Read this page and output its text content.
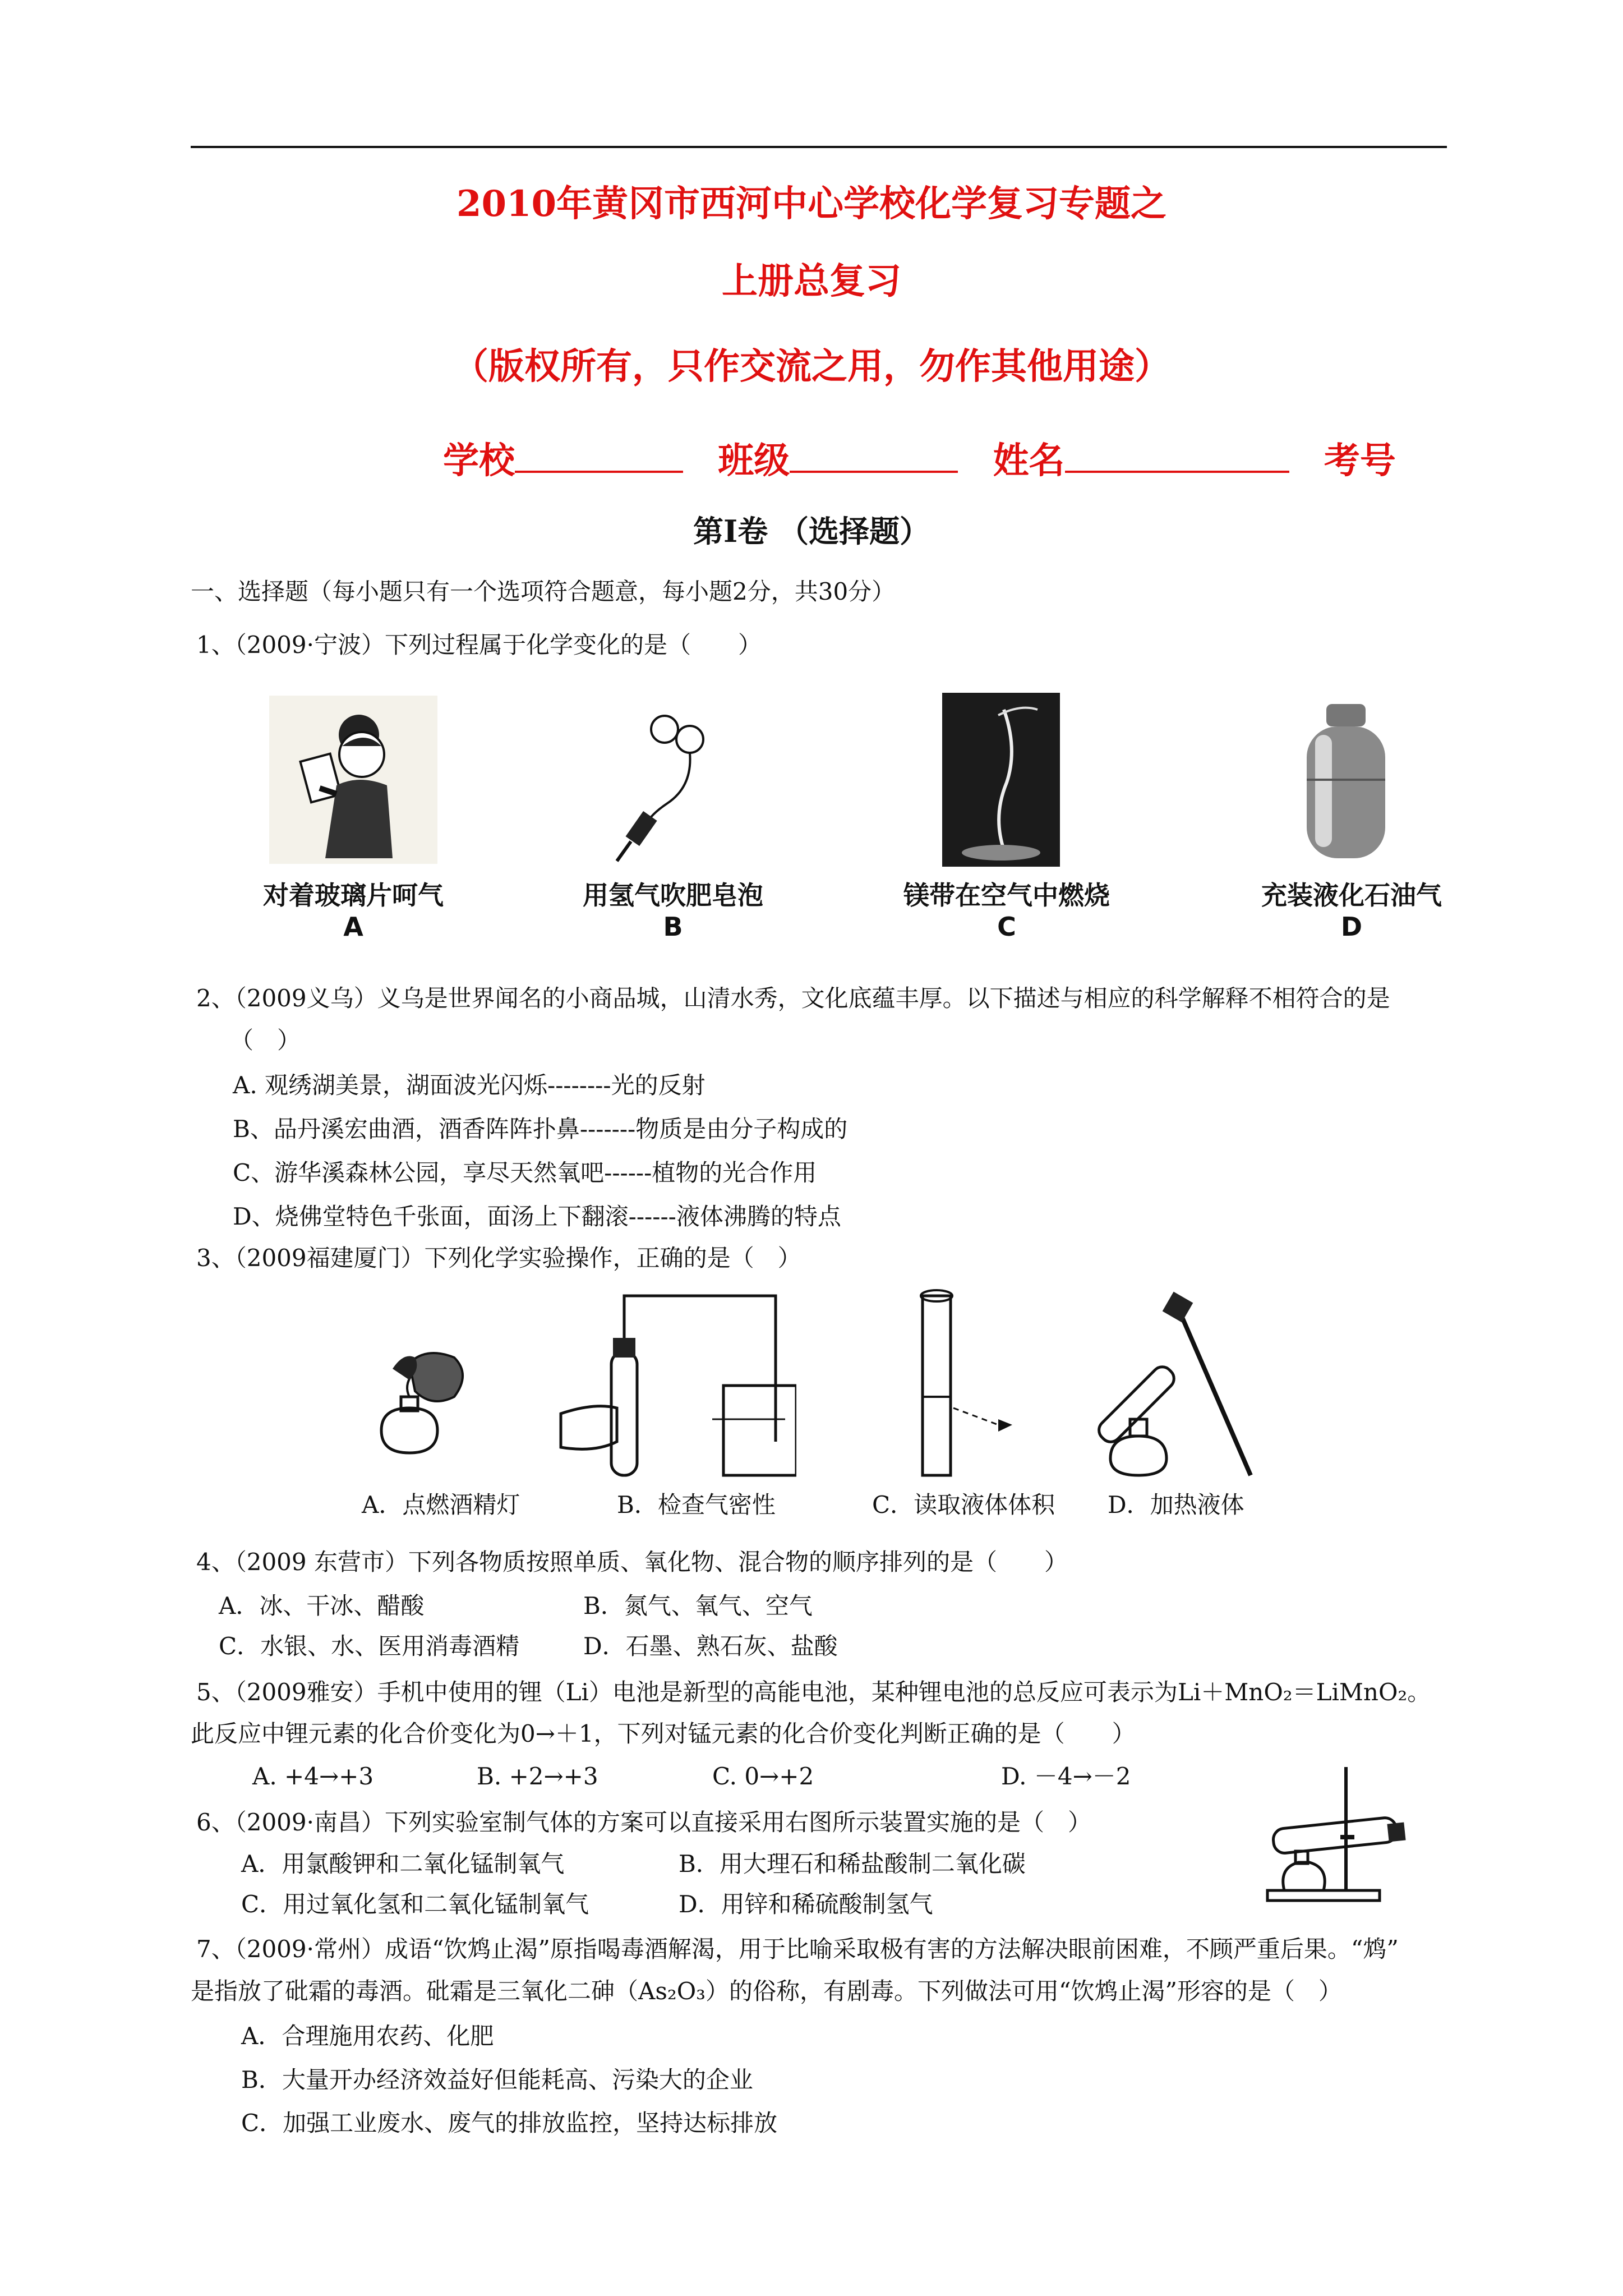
2010年黄冈市西河中心学校化学复习专题之
上册总复习
（版权所有，只作交流之用，勿作其他用途）
学校	班级	姓名	考号
第Ⅰ卷 （选择题）
一、选择题（每小题只有一个选项符合题意，每小题2分，共30分）
1、（2009·宁波）下列过程属于化学变化的是（　　）
对着玻璃片呵气	用氢气吹肥皂泡	镁带在空气中燃烧	充装液化石油气
A	B	C	D
2、（2009义乌）义乌是世界闻名的小商品城，山清水秀，文化底蕴丰厚。以下描述与相应的科学解释不相符合的是
（　）
A. 观绣湖美景，湖面波光闪烁--------光的反射
B、品丹溪宏曲酒，酒香阵阵扑鼻-------物质是由分子构成的
C、游华溪森林公园，享尽天然氧吧------植物的光合作用
D、烧佛堂特色千张面，面汤上下翻滚------液体沸腾的特点
3、（2009福建厦门）下列化学实验操作，正确的是（　）
A．点燃酒精灯	B．检查气密性	C．读取液体体积 D．加热液体
4、（2009 东营市）下列各物质按照单质、氧化物、混合物的顺序排列的是（　　）
A．冰、干冰、醋酸	B．氮气、氧气、空气
C．水银、水、医用消毒酒精	D．石墨、熟石灰、盐酸
5、（2009雅安）手机中使用的锂（Li）电池是新型的高能电池，某种锂电池的总反应可表示为Li＋MnO₂＝LiMnO₂。
此反应中锂元素的化合价变化为0→＋1，下列对锰元素的化合价变化判断正确的是（　　）
A. +4→+3	B. +2→+3	C. 0→+2	D. －4→－2
6、（2009·南昌）下列实验室制气体的方案可以直接采用右图所示装置实施的是（　）
A．用氯酸钾和二氧化锰制氧气	B．用大理石和稀盐酸制二氧化碳
C．用过氧化氢和二氧化锰制氧气	D．用锌和稀硫酸制氢气
7、（2009·常州）成语“饮鸩止渴”原指喝毒酒解渴，用于比喻采取极有害的方法解决眼前困难，不顾严重后果。“鸩”
是指放了砒霜的毒酒。砒霜是三氧化二砷（As₂O₃）的俗称，有剧毒。下列做法可用“饮鸩止渴”形容的是（　）
A．合理施用农药、化肥
B．大量开办经济效益好但能耗高、污染大的企业
C．加强工业废水、废气的排放监控，坚持达标排放
